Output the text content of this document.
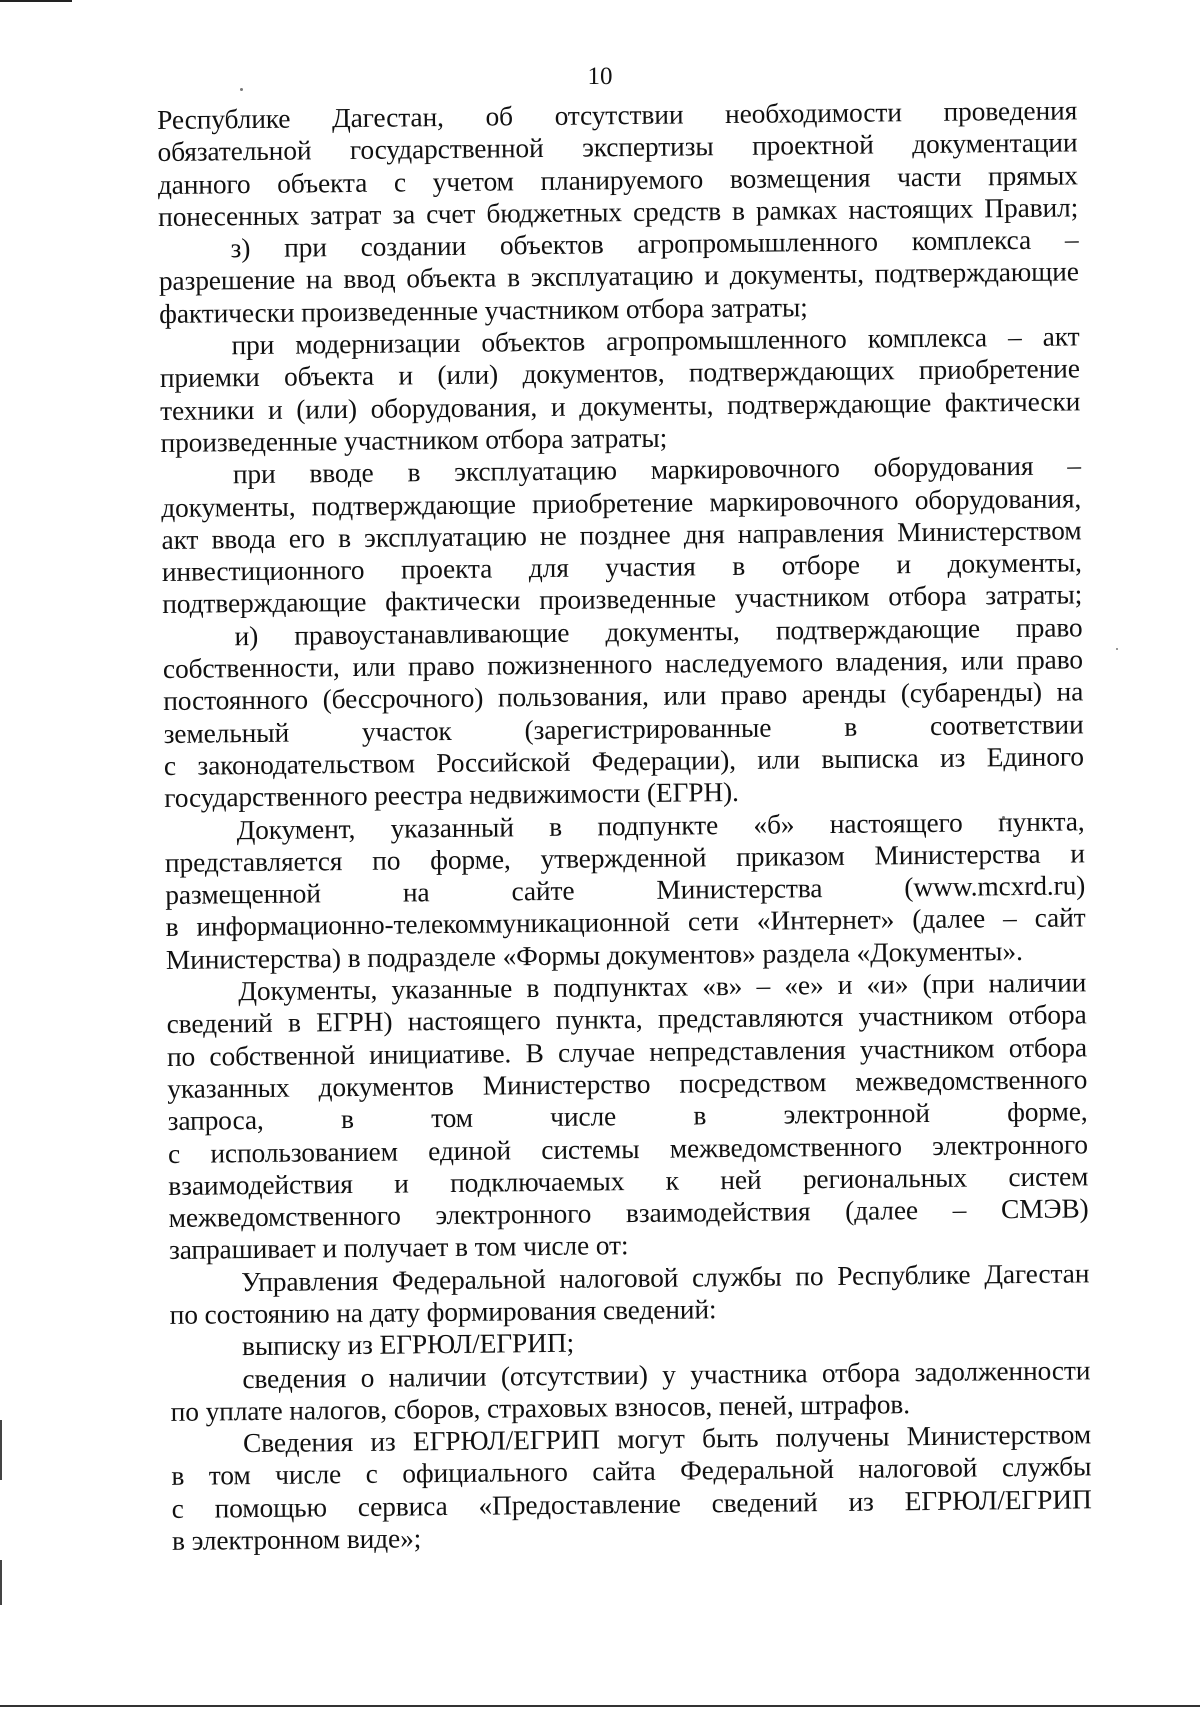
10
Республике Дагестан, об отсутствии необходимости проведения
обязательной государственной экспертизы проектной документации
данного объекта с учетом планируемого возмещения части прямых
понесенных затрат за счет бюджетных средств в рамках настоящих Правил;
з) при создании объектов агропромышленного комплекса –
разрешение на ввод объекта в эксплуатацию и документы, подтверждающие
фактически произведенные участником отбора затраты;
при модернизации объектов агропромышленного комплекса – акт
приемки объекта и (или) документов, подтверждающих приобретение
техники и (или) оборудования, и документы, подтверждающие фактически
произведенные участником отбора затраты;
при вводе в эксплуатацию маркировочного оборудования –
документы, подтверждающие приобретение маркировочного оборудования,
акт ввода его в эксплуатацию не позднее дня направления Министерством
инвестиционного проекта для участия в отборе и документы,
подтверждающие фактически произведенные участником отбора затраты;
и) правоустанавливающие документы, подтверждающие право
собственности, или право пожизненного наследуемого владения, или право
постоянного (бессрочного) пользования, или право аренды (субаренды) на
земельный участок (зарегистрированные в соответствии
с законодательством Российской Федерации), или выписка из Единого
государственного реестра недвижимости (ЕГРН).
Документ, указанный в подпункте «б» настоящего пункта,
представляется по форме, утвержденной приказом Министерства и
размещенной на сайте Министерства (www.mcxrd.ru)
в информационно-телекоммуникационной сети «Интернет» (далее – сайт
Министерства) в подразделе «Формы документов» раздела «Документы».
Документы, указанные в подпунктах «в» – «е» и «и» (при наличии
сведений в ЕГРН) настоящего пункта, представляются участником отбора
по собственной инициативе. В случае непредставления участником отбора
указанных документов Министерство посредством межведомственного
запроса, в том числе в электронной форме,
с использованием единой системы межведомственного электронного
взаимодействия и подключаемых к ней региональных систем
межведомственного электронного взаимодействия (далее – СМЭВ)
запрашивает и получает в том числе от:
Управления Федеральной налоговой службы по Республике Дагестан
по состоянию на дату формирования сведений:
выписку из ЕГРЮЛ/ЕГРИП;
сведения о наличии (отсутствии) у участника отбора задолженности
по уплате налогов, сборов, страховых взносов, пеней, штрафов.
Сведения из ЕГРЮЛ/ЕГРИП могут быть получены Министерством
в том числе с официального сайта Федеральной налоговой службы
с помощью сервиса «Предоставление сведений из ЕГРЮЛ/ЕГРИП
в электронном виде»;
